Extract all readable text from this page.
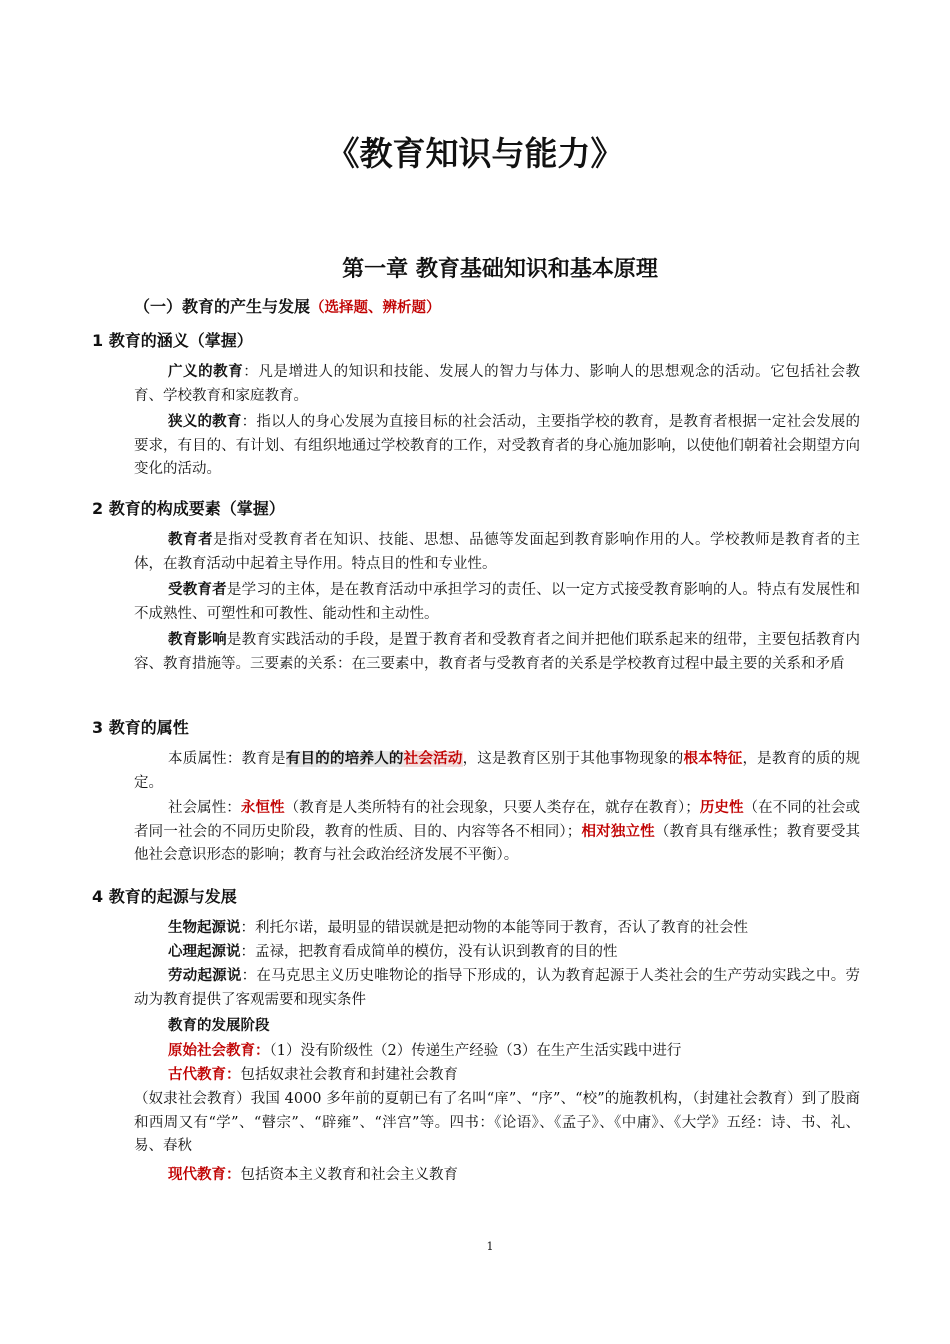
《教育知识与能力》
第一章 教育基础知识和基本原理

（一）教育的产生与发展（选择题、辨析题）

1 教育的涵义（掌握）

广义的教育：凡是增进人的知识和技能、发展人的智力与体力、影响人的思想观念的活动。它包括社会教育、学校教育和家庭教育。

狭义的教育：指以人的身心发展为直接目标的社会活动，主要指学校的教育，是教育者根据一定社会发展的要求，有目的、有计划、有组织地通过学校教育的工作，对受教育者的身心施加影响，以使他们朝着社会期望方向变化的活动。

2 教育的构成要素（掌握）

教育者是指对受教育者在知识、技能、思想、品德等发面起到教育影响作用的人。学校教师是教育者的主体，在教育活动中起着主导作用。特点目的性和专业性。

受教育者是学习的主体，是在教育活动中承担学习的责任、以一定方式接受教育影响的人。特点有发展性和不成熟性、可塑性和可教性、能动性和主动性。

教育影响是教育实践活动的手段，是置于教育者和受教育者之间并把他们联系起来的纽带，主要包括教育内容、教育措施等。三要素的关系：在三要素中，教育者与受教育者的关系是学校教育过程中最主要的关系和矛盾

3 教育的属性

本质属性：教育是有目的的培养人的社会活动，这是教育区别于其他事物现象的根本特征，是教育的质的规定。

社会属性：永恒性（教育是人类所特有的社会现象，只要人类存在，就存在教育）；历史性（在不同的社会或者同一社会的不同历史阶段，教育的性质、目的、内容等各不相同）；相对独立性（教育具有继承性；教育要受其他社会意识形态的影响；教育与社会政治经济发展不平衡）。

4 教育的起源与发展

生物起源说：利托尔诺，最明显的错误就是把动物的本能等同于教育，否认了教育的社会性

心理起源说：孟禄，把教育看成简单的模仿，没有认识到教育的目的性

劳动起源说：在马克思主义历史唯物论的指导下形成的，认为教育起源于人类社会的生产劳动实践之中。劳动为教育提供了客观需要和现实条件

教育的发展阶段

原始社会教育：（1）没有阶级性（2）传递生产经验（3）在生产生活实践中进行

古代教育：包括奴隶社会教育和封建社会教育

（奴隶社会教育）我国 4000 多年前的夏朝已有了名叫“庠”、“序”、“校”的施教机构，（封建社会教育）到了股商和西周又有“学”、“瞽宗”、“辟雍”、“泮宫”等。四书：《论语》、《孟子》、《中庸》、《大学》五经：诗、书、礼、易、春秋

现代教育：包括资本主义教育和社会主义教育

1
